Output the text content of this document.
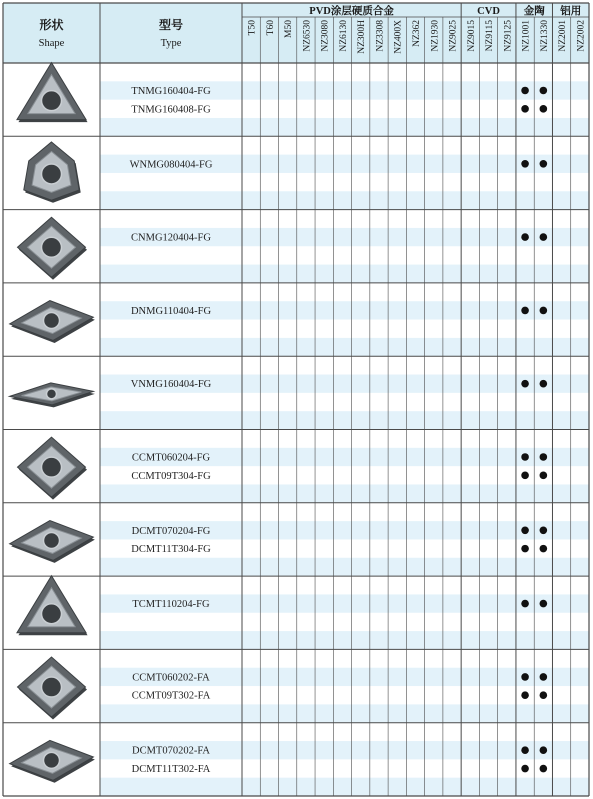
形状
Shape
型号
Type
PVD涂层硬质合金
T50 T60 M50 NZ6530 NZ3080 NZ6130 NZ300H NZ3308 NZ400X NZ362 NZ1930 NZ9025
CVD
NZ9015 NZ9115 NZ9125
金陶
NZ1001 NZ1330
铝用
NZ2001 NZ2002
TNMG160404-FG
TNMG160408-FG
WNMG080404-FG
CNMG120404-FG
DNMG110404-FG
VNMG160404-FG
CCMT060204-FG
CCMT09T304-FG
DCMT070204-FG
DCMT11T304-FG
TCMT110204-FG
CCMT060202-FA
CCMT09T302-FA
DCMT070202-FA
DCMT11T302-FA
